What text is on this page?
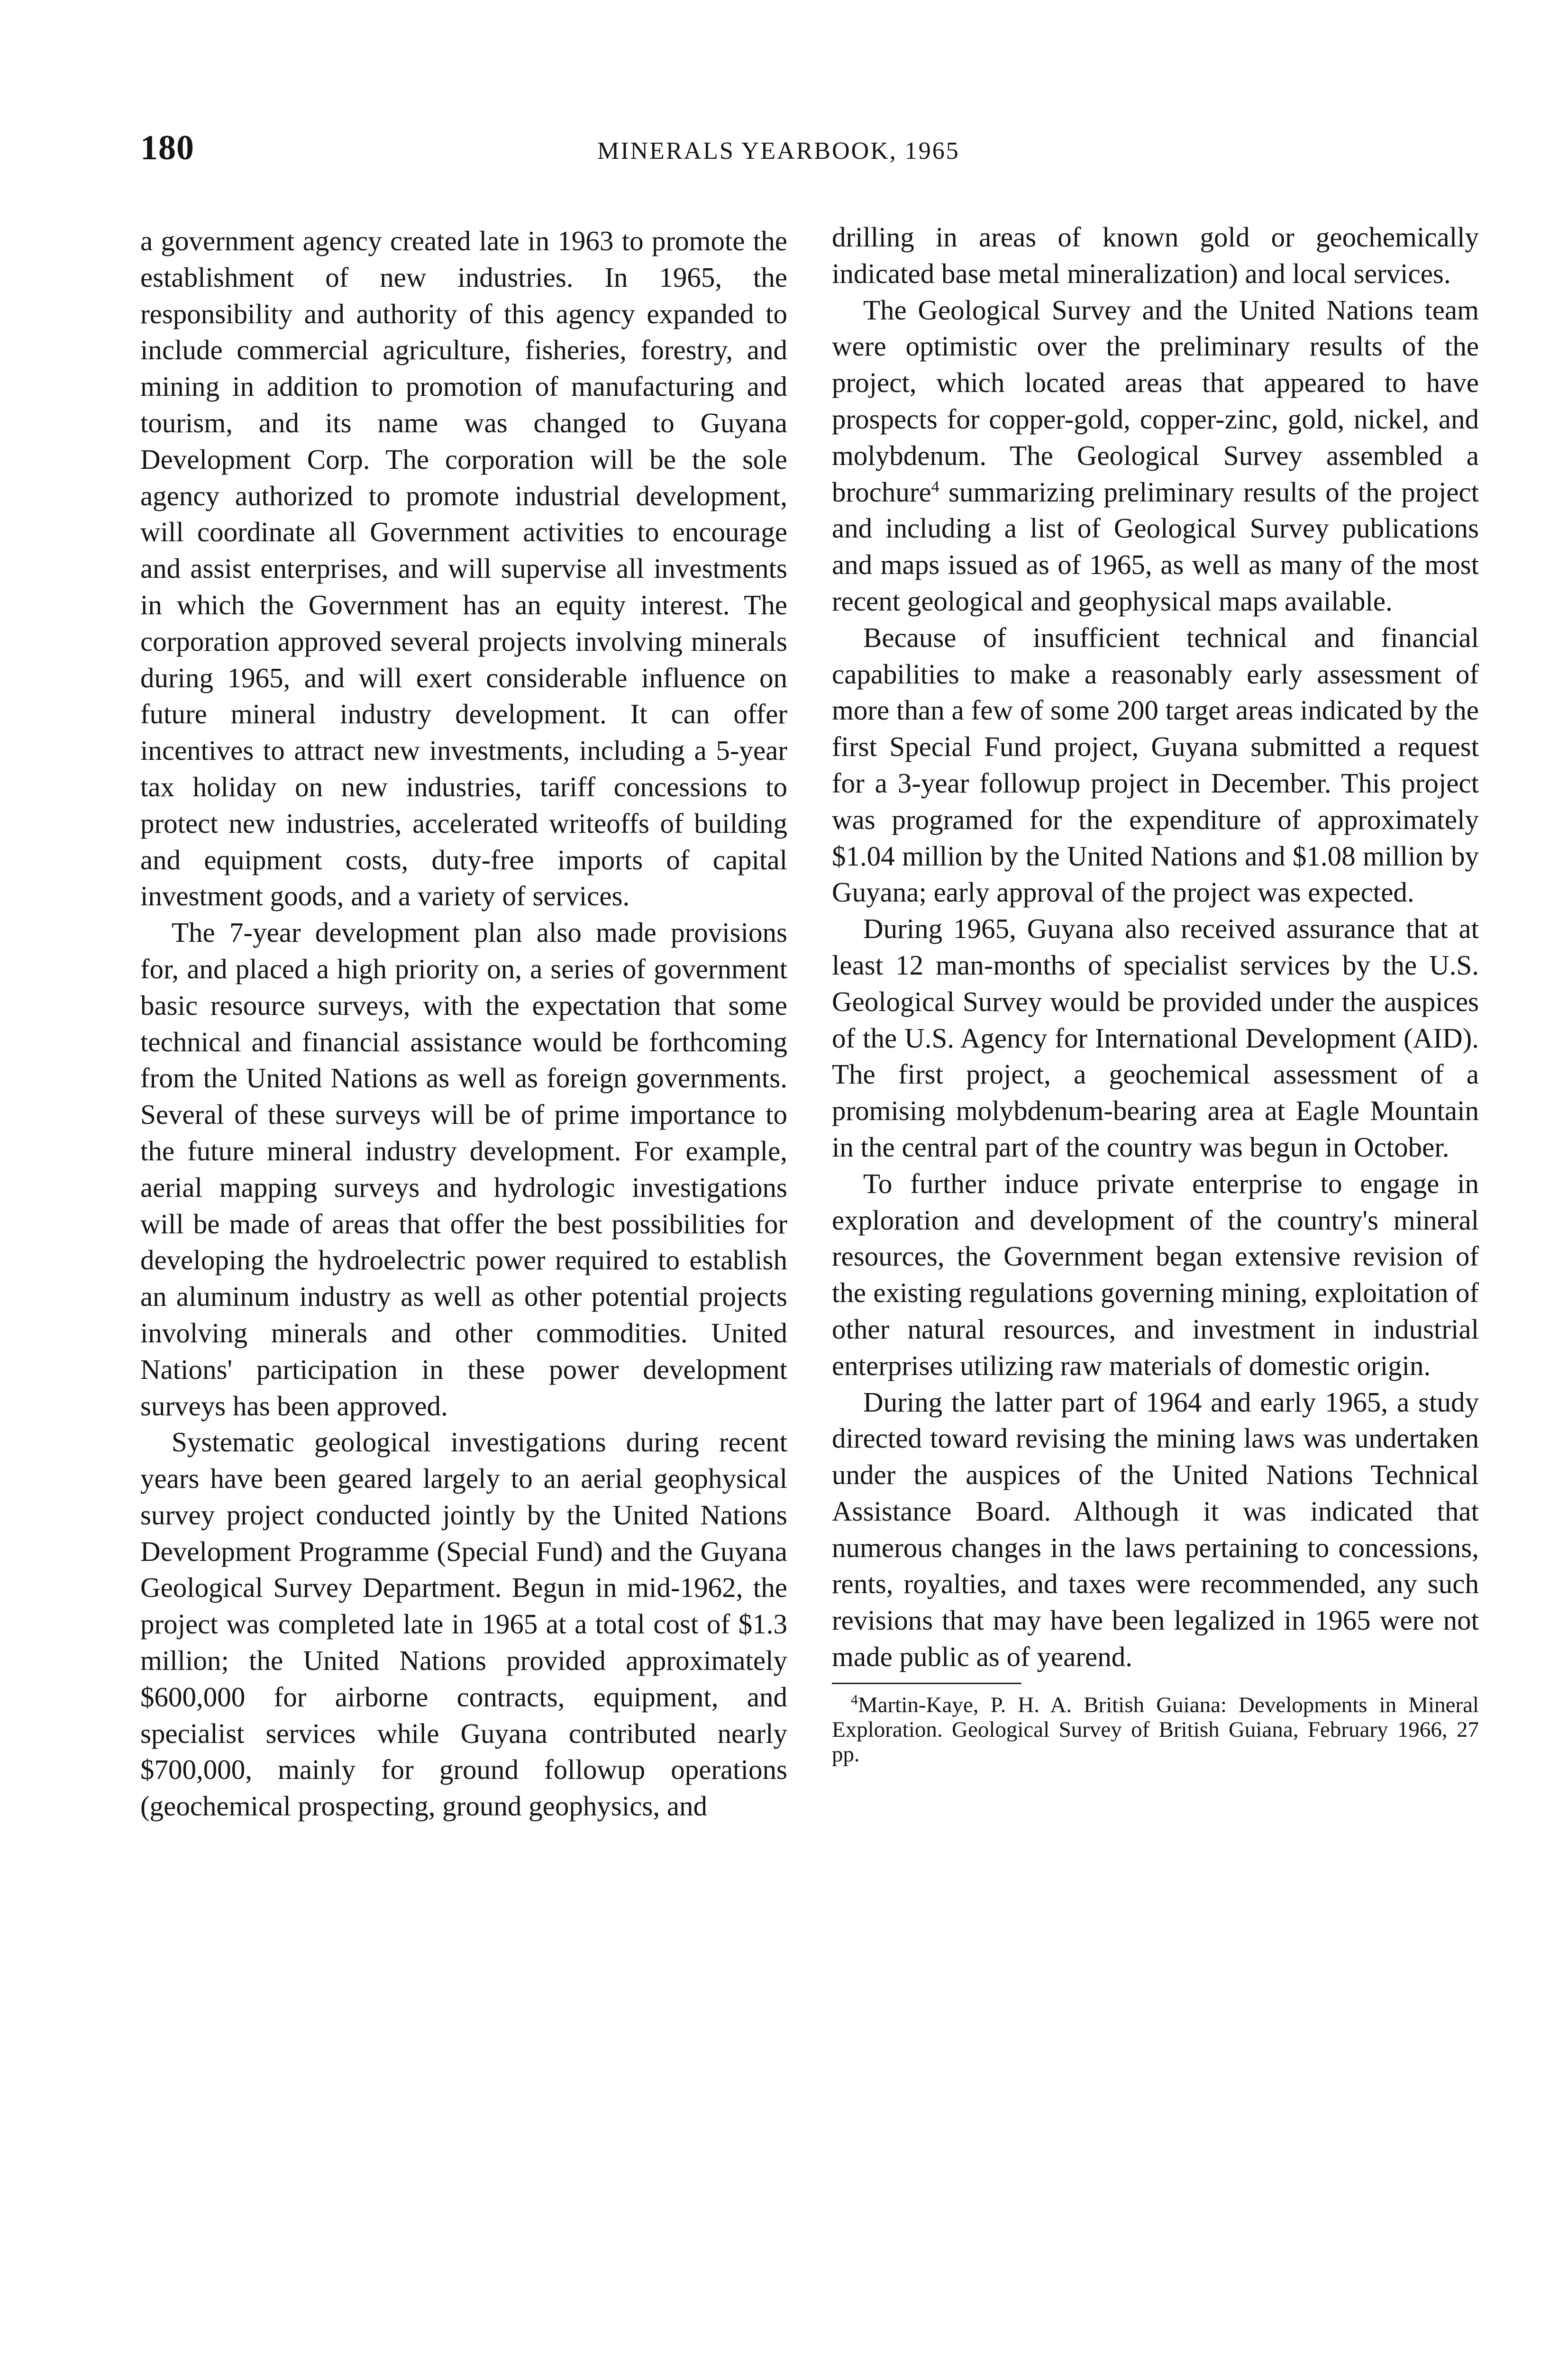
180	MINERALS YEARBOOK, 1965

a government agency created late in 1963 to promote the establishment of new industries. In 1965, the responsibility and authority of this agency expanded to include commercial agriculture, fisheries, forestry, and mining in addition to promotion of manufacturing and tourism, and its name was changed to Guyana Development Corp. The corporation will be the sole agency authorized to promote industrial development, will coordinate all Government activities to encourage and assist enterprises, and will supervise all investments in which the Government has an equity interest. The corporation approved several projects involving minerals during 1965, and will exert considerable influence on future mineral industry development. It can offer incentives to attract new investments, including a 5-year tax holiday on new industries, tariff concessions to protect new industries, accelerated writeoffs of building and equipment costs, duty-free imports of capital investment goods, and a variety of services.

The 7-year development plan also made provisions for, and placed a high priority on, a series of government basic resource surveys, with the expectation that some technical and financial assistance would be forthcoming from the United Nations as well as foreign governments. Several of these surveys will be of prime importance to the future mineral industry development. For example, aerial mapping surveys and hydrologic investigations will be made of areas that offer the best possibilities for developing the hydroelectric power required to establish an aluminum industry as well as other potential projects involving minerals and other commodities. United Nations' participation in these power development surveys has been approved.

Systematic geological investigations during recent years have been geared largely to an aerial geophysical survey project conducted jointly by the United Nations Development Programme (Special Fund) and the Guyana Geological Survey Department. Begun in mid-1962, the project was completed late in 1965 at a total cost of $1.3 million; the United Nations provided approximately $600,000 for airborne contracts, equipment, and specialist services while Guyana contributed nearly $700,000, mainly for ground followup operations (geochemical prospecting, ground geophysics, and

drilling in areas of known gold or geochemically indicated base metal mineralization) and local services.

The Geological Survey and the United Nations team were optimistic over the preliminary results of the project, which located areas that appeared to have prospects for copper-gold, copper-zinc, gold, nickel, and molybdenum. The Geological Survey assembled a brochure$^4$ summarizing preliminary results of the project and including a list of Geological Survey publications and maps issued as of 1965, as well as many of the most recent geological and geophysical maps available.

Because of insufficient technical and financial capabilities to make a reasonably early assessment of more than a few of some 200 target areas indicated by the first Special Fund project, Guyana submitted a request for a 3-year followup project in December. This project was programed for the expenditure of approximately $1.04 million by the United Nations and $1.08 million by Guyana; early approval of the project was expected.

During 1965, Guyana also received assurance that at least 12 man-months of specialist services by the U.S. Geological Survey would be provided under the auspices of the U.S. Agency for International Development (AID). The first project, a geochemical assessment of a promising molybdenum-bearing area at Eagle Mountain in the central part of the country was begun in October.

To further induce private enterprise to engage in exploration and development of the country's mineral resources, the Government began extensive revision of the existing regulations governing mining, exploitation of other natural resources, and investment in industrial enterprises utilizing raw materials of domestic origin.

During the latter part of 1964 and early 1965, a study directed toward revising the mining laws was undertaken under the auspices of the United Nations Technical Assistance Board. Although it was indicated that numerous changes in the laws pertaining to concessions, rents, royalties, and taxes were recommended, any such revisions that may have been legalized in 1965 were not made public as of yearend.

$^4$Martin-Kaye, P. H. A. British Guiana: Developments in Mineral Exploration. Geological Survey of British Guiana, February 1966, 27 pp.
